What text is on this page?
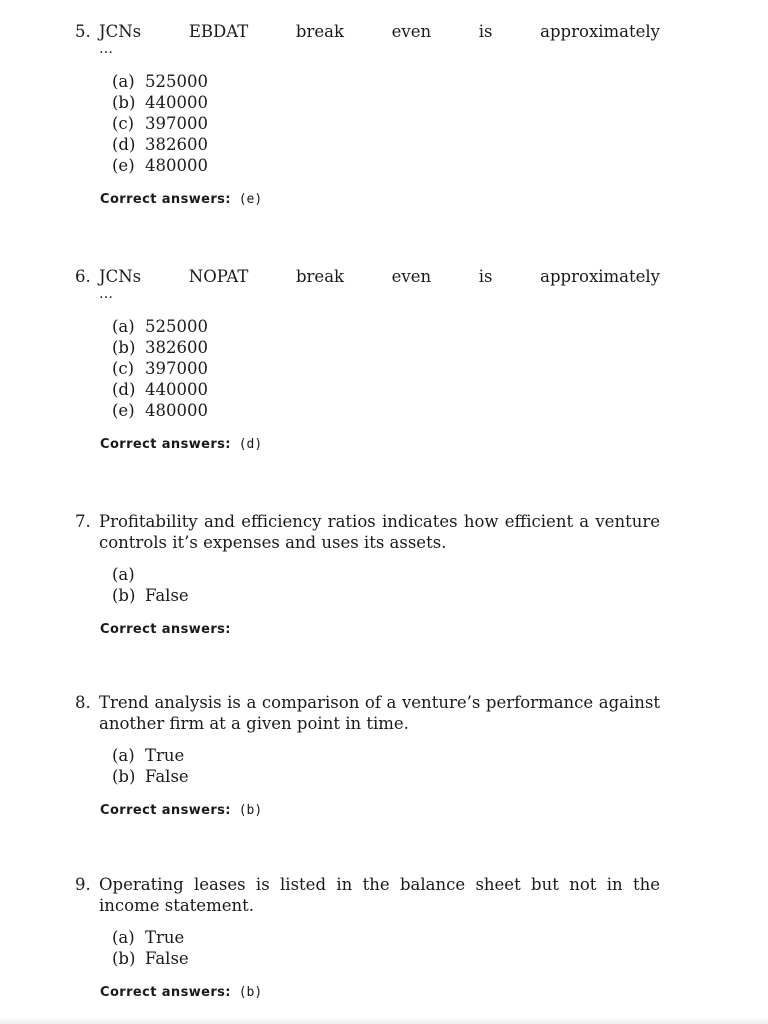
5. JCNs	EBDAT	break	even	is	approximately
…
(a) 525000
(b) 440000
(c) 397000
(d) 382600
(e) 480000
Correct answers: (e)
6. JCNs	NOPAT	break	even	is	approximately
…
(a) 525000
(b) 382600
(c) 397000
(d) 440000
(e) 480000
Correct answers: (d)
7. Profitability and efficiency ratios indicates how efficient a venture controls it’s expenses and uses its assets.
(a)
(b) False
Correct answers:
8. Trend analysis is a comparison of a venture’s performance against another firm at a given point in time.
(a) True
(b) False
Correct answers: (b)
9. Operating leases is listed in the balance sheet but not in the income statement.
(a) True
(b) False
Correct answers: (b)
